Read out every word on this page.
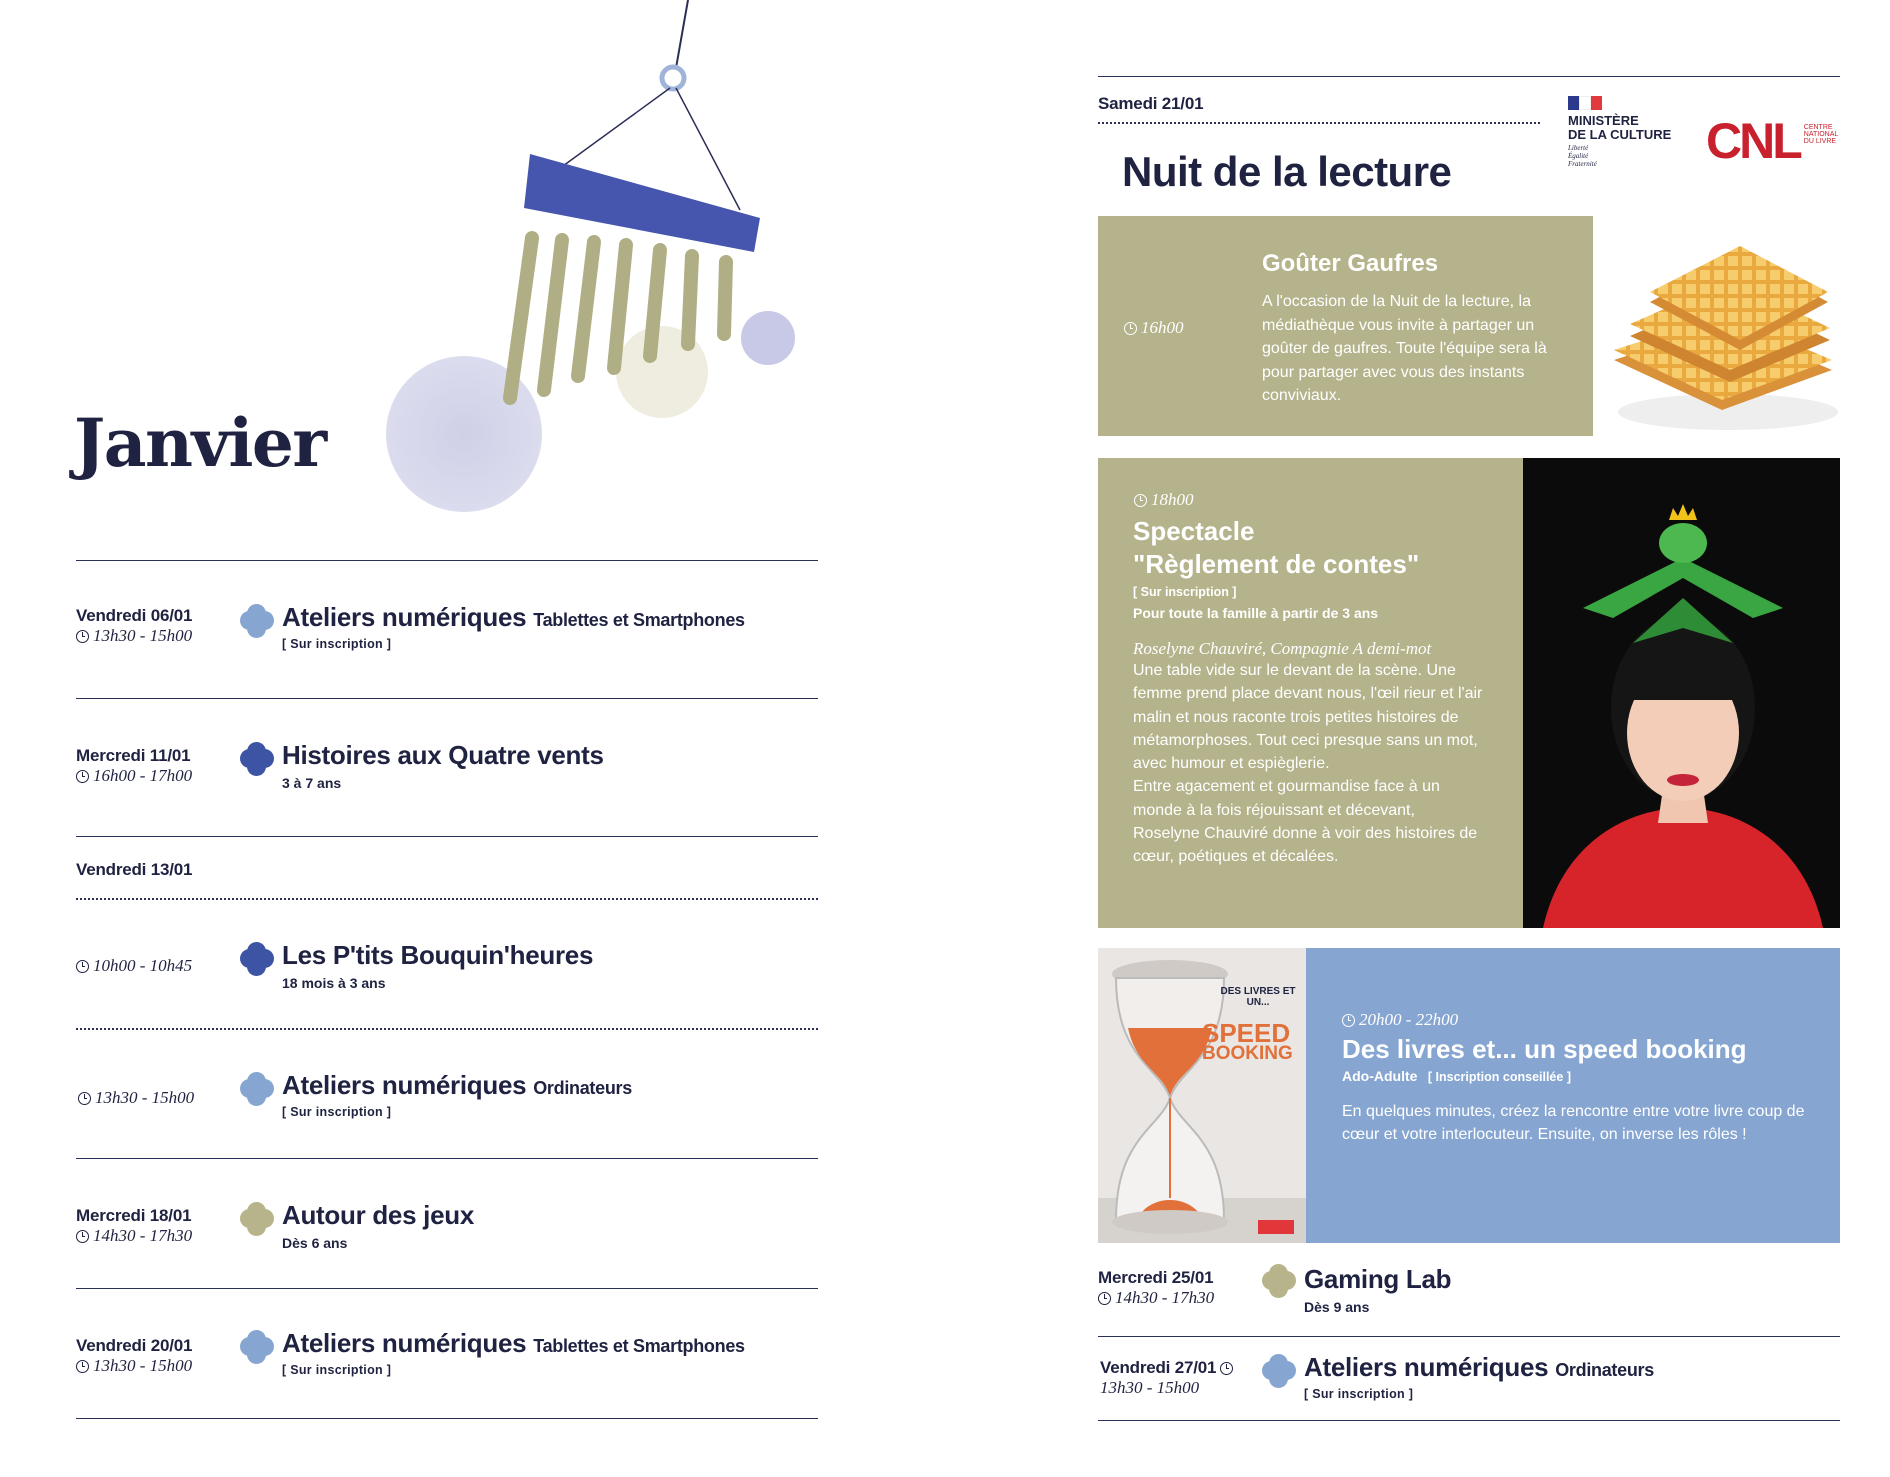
Janvier
Vendredi 06/01
13h30 - 15h00
Ateliers numériques Tablettes et Smartphones
[ Sur inscription ]
Mercredi 11/01
16h00 - 17h00
Histoires aux Quatre vents
3 à 7 ans
Vendredi 13/01
10h00 - 10h45	Les P'tits Bouquin'heures
18 mois à 3 ans
13h30 - 15h00	Ateliers numériques Ordinateurs
[ Sur inscription ]
Mercredi 18/01
14h30 - 17h30
Autour des jeux
Dès 6 ans
Vendredi 20/01
13h30 - 15h00
Ateliers numériques Tablettes et Smartphones
[ Sur inscription ]
Samedi 21/01
Nuit de la lecture
MINISTÈRE
DE LA CULTURE
Liberté
Égalité
Fraternité	CNL CENTRE
NATIONAL
DU LIVRE
16h00
Goûter Gaufres

A l'occasion de la Nuit de la lecture, la médiathèque vous invite à partager un goûter de gaufres. Toute l'équipe sera là pour partager avec vous des instants conviviaux.

18h00
Spectacle
"Règlement de contes"
[ Sur inscription ]
Pour toute la famille à partir de 3 ans
Roselyne Chauviré, Compagnie A demi-mot

Une table vide sur le devant de la scène. Une femme prend place devant nous, l'œil rieur et l'air malin et nous raconte trois petites histoires de métamorphoses. Tout ceci presque sans un mot, avec humour et espièglerie.

Entre agacement et gourmandise face à un monde à la fois réjouissant et décevant, Roselyne Chauviré donne à voir des histoires de cœur, poétiques et décalées.

DES LIVRES ET UN...
SPEED
BOOKING
20h00 - 22h00
Des livres et... un speed booking
Ado-Adulte [ Inscription conseillée ]

En quelques minutes, créez la rencontre entre votre livre coup de cœur et votre interlocuteur. Ensuite, on inverse les rôles !

Mercredi 25/01
14h30 - 17h30
Gaming Lab
Dès 9 ans
Vendredi 27/01
13h30 - 15h00
Ateliers numériques Ordinateurs
[ Sur inscription ]
